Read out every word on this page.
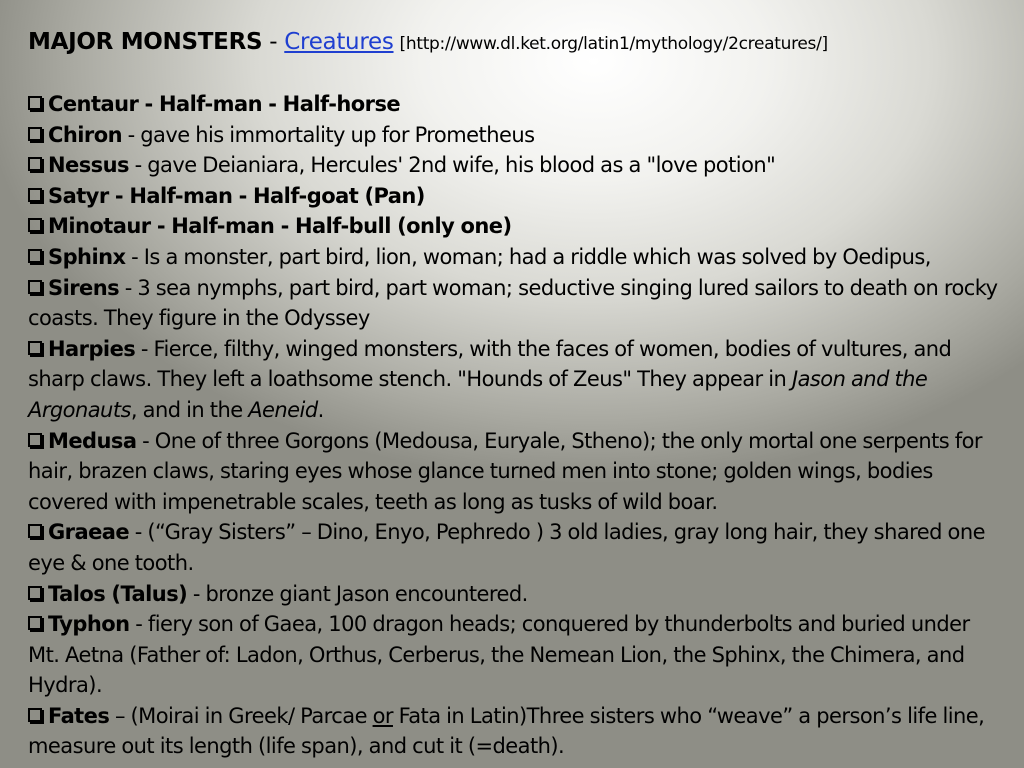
MAJOR MONSTERS - Creatures [http://www.dl.ket.org/latin1/mythology/2creatures/]
Centaur - Half-man - Half-horse
Chiron - gave his immortality up for Prometheus
Nessus - gave Deianiara, Hercules' 2nd wife, his blood as a "love potion"
Satyr - Half-man - Half-goat (Pan)
Minotaur - Half-man - Half-bull (only one)
Sphinx - Is a monster, part bird, lion, woman; had a riddle which was solved by Oedipus,
Sirens - 3 sea nymphs, part bird, part woman; seductive singing lured sailors to death on rocky coasts. They figure in the Odyssey
Harpies - Fierce, filthy, winged monsters, with the faces of women, bodies of vultures, and sharp claws. They left a loathsome stench. "Hounds of Zeus" They appear in Jason and the Argonauts, and in the Aeneid.
Medusa - One of three Gorgons (Medousa, Euryale, Stheno); the only mortal one serpents for hair, brazen claws, staring eyes whose glance turned men into stone; golden wings, bodies covered with impenetrable scales, teeth as long as tusks of wild boar.
Graeae - (“Gray Sisters” – Dino, Enyo, Pephredo ) 3 old ladies, gray long hair, they shared one eye & one tooth.
Talos (Talus) - bronze giant Jason encountered.
Typhon - fiery son of Gaea, 100 dragon heads; conquered by thunderbolts and buried under Mt. Aetna (Father of: Ladon, Orthus, Cerberus, the Nemean Lion, the Sphinx, the Chimera, and Hydra).
Fates – (Moirai in Greek/ Parcae or Fata in Latin)Three sisters who “weave” a person’s life line, measure out its length (life span), and cut it (=death).
